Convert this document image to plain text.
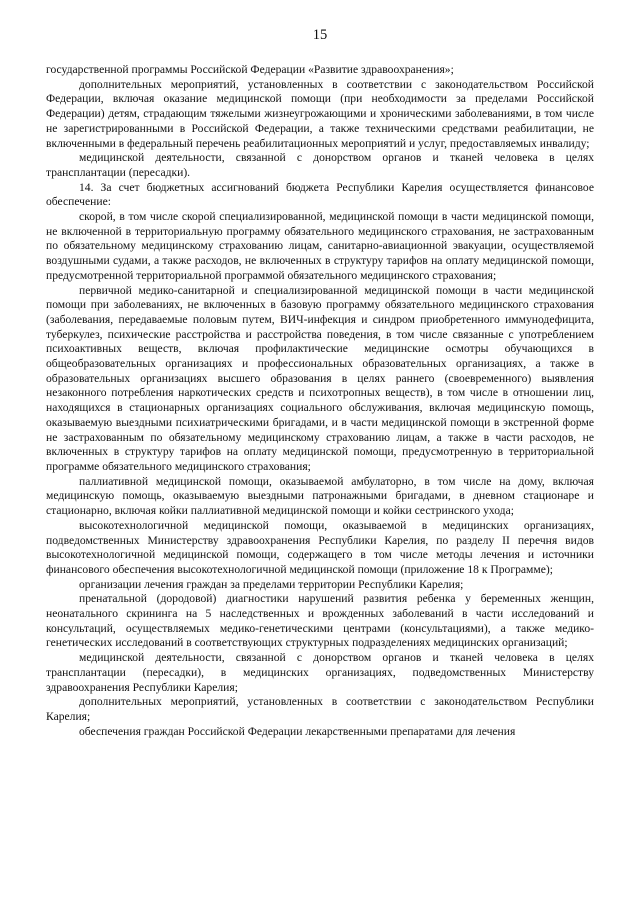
15

государственной программы Российской Федерации «Развитие здравоохранения»;

дополнительных мероприятий, установленных в соответствии с законодательством Российской Федерации, включая оказание медицинской помощи (при необходимости за пределами Российской Федерации) детям, страдающим тяжелыми жизнеугрожающими и хроническими заболеваниями, в том числе не зарегистрированными в Российской Федерации, а также техническими средствами реабилитации, не включенными в федеральный перечень реабилитационных мероприятий и услуг, предоставляемых инвалиду;

медицинской деятельности, связанной с донорством органов и тканей человека в целях трансплантации (пересадки).

14. За счет бюджетных ассигнований бюджета Республики Карелия осуществляется финансовое обеспечение:

скорой, в том числе скорой специализированной, медицинской помощи в части медицинской помощи, не включенной в территориальную программу обязательного медицинского страхования, не застрахованным по обязательному медицинскому страхованию лицам, санитарно-авиационной эвакуации, осуществляемой воздушными судами, а также расходов, не включенных в структуру тарифов на оплату медицинской помощи, предусмотренной территориальной программой обязательного медицинского страхования;

первичной медико-санитарной и специализированной медицинской помощи в части медицинской помощи при заболеваниях, не включенных в базовую программу обязательного медицинского страхования (заболевания, передаваемые половым путем, ВИЧ-инфекция и синдром приобретенного иммунодефицита, туберкулез, психические расстройства и расстройства поведения, в том числе связанные с употреблением психоактивных веществ, включая профилактические медицинские осмотры обучающихся в общеобразовательных организациях и профессиональных образовательных организациях, а также в образовательных организациях высшего образования в целях раннего (своевременного) выявления незаконного потребления наркотических средств и психотропных веществ), в том числе в отношении лиц, находящихся в стационарных организациях социального обслуживания, включая медицинскую помощь, оказываемую выездными психиатрическими бригадами, и в части медицинской помощи в экстренной форме не застрахованным по обязательному медицинскому страхованию лицам, а также в части расходов, не включенных в структуру тарифов на оплату медицинской помощи, предусмотренную в территориальной программе обязательного медицинского страхования;

паллиативной медицинской помощи, оказываемой амбулаторно, в том числе на дому, включая медицинскую помощь, оказываемую выездными патронажными бригадами, в дневном стационаре и стационарно, включая койки паллиативной медицинской помощи и койки сестринского ухода;

высокотехнологичной медицинской помощи, оказываемой в медицинских организациях, подведомственных Министерству здравоохранения Республики Карелия, по разделу II перечня видов высокотехнологичной медицинской помощи, содержащего в том числе методы лечения и источники финансового обеспечения высокотехнологичной медицинской помощи (приложение 18 к Программе);

организации лечения граждан за пределами территории Республики Карелия;

пренатальной (дородовой) диагностики нарушений развития ребенка у беременных женщин, неонатального скрининга на 5 наследственных и врожденных заболеваний в части исследований и консультаций, осуществляемых медико-генетическими центрами (консультациями), а также медико-генетических исследований в соответствующих структурных подразделениях медицинских организаций;

медицинской деятельности, связанной с донорством органов и тканей человека в целях трансплантации (пересадки), в медицинских организациях, подведомственных Министерству здравоохранения Республики Карелия;

дополнительных мероприятий, установленных в соответствии с законодательством Республики Карелия;

обеспечения граждан Российской Федерации лекарственными препаратами для лечения
